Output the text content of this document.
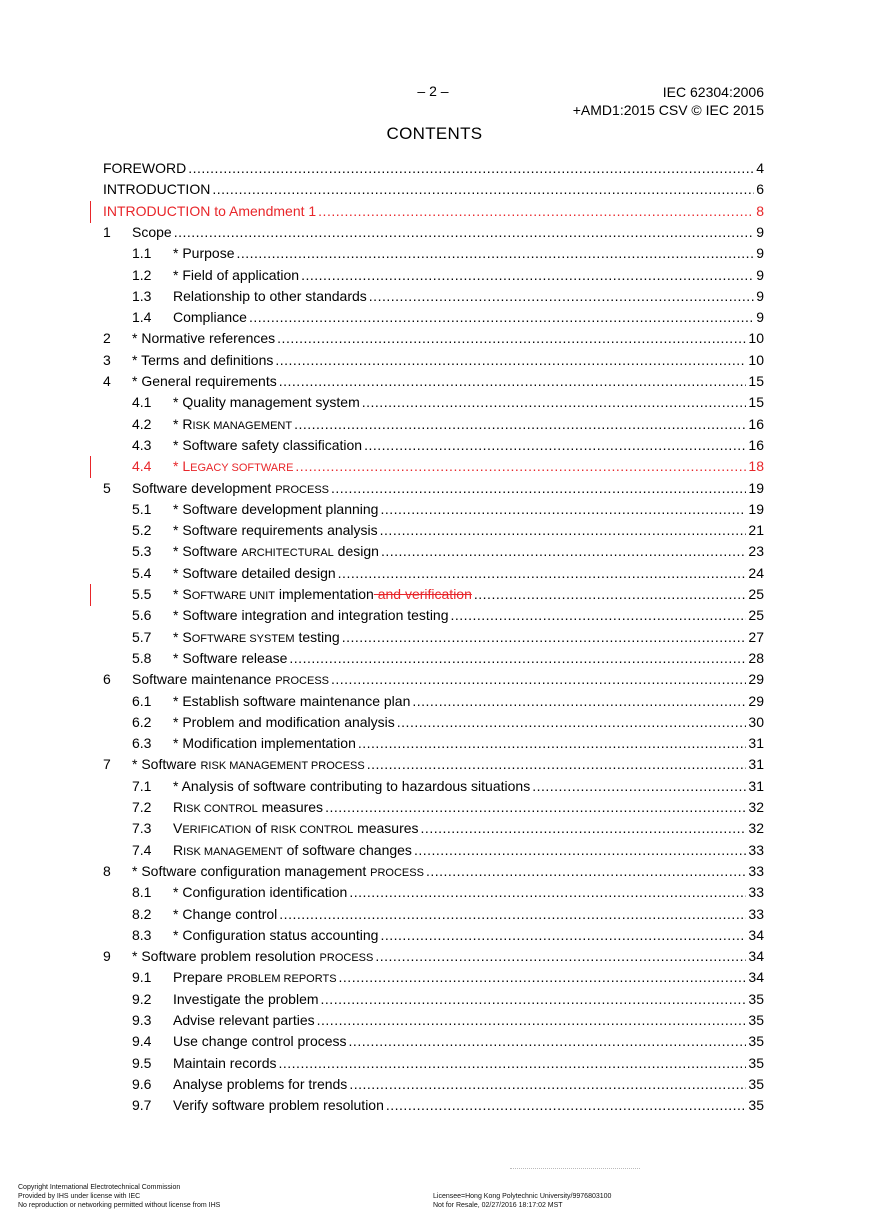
– 2 –	IEC 62304:2006
+AMD1:2015 CSV © IEC 2015
CONTENTS
FOREWORD .....	4
INTRODUCTION .....	6
INTRODUCTION to Amendment 1 .....	8
1	Scope .....	9
1.1	* Purpose .....	9
1.2	* Field of application .....	9
1.3	Relationship to other standards .....	9
1.4	Compliance .....	9
2	* Normative references .....	10
3	* Terms and definitions .....	10
4	* General requirements .....	15
4.1	* Quality management system .....	15
4.2	* RISK MANAGEMENT .....	16
4.3	* Software safety classification .....	16
4.4	* LEGACY SOFTWARE .....	18
5	Software development PROCESS .....	19
5.1	* Software development planning .....	19
5.2	* Software requirements analysis .....	21
5.3	* Software ARCHITECTURAL design .....	23
5.4	* Software detailed design .....	24
5.5	* SOFTWARE UNIT implementation and verification .....	25
5.6	* Software integration and integration testing .....	25
5.7	* SOFTWARE SYSTEM testing .....	27
5.8	* Software release .....	28
6	Software maintenance PROCESS .....	29
6.1	* Establish software maintenance plan .....	29
6.2	* Problem and modification analysis .....	30
6.3	* Modification implementation .....	31
7	* Software RISK MANAGEMENT PROCESS .....	31
7.1	* Analysis of software contributing to hazardous situations .....	31
7.2	RISK CONTROL measures .....	32
7.3	VERIFICATION of RISK CONTROL measures .....	32
7.4	RISK MANAGEMENT of software changes .....	33
8	* Software configuration management PROCESS .....	33
8.1	* Configuration identification .....	33
8.2	* Change control .....	33
8.3	* Configuration status accounting .....	34
9	* Software problem resolution PROCESS .....	34
9.1	Prepare PROBLEM REPORTS .....	34
9.2	Investigate the problem .....	35
9.3	Advise relevant parties .....	35
9.4	Use change control process .....	35
9.5	Maintain records .....	35
9.6	Analyse problems for trends .....	35
9.7	Verify software problem resolution .....	35
Copyright International Electrotechnical Commission
Provided by IHS under license with IEC
No reproduction or networking permitted without license from IHS
Licensee=Hong Kong Polytechnic University/9976803100
Not for Resale, 02/27/2016 18:17:02 MST
